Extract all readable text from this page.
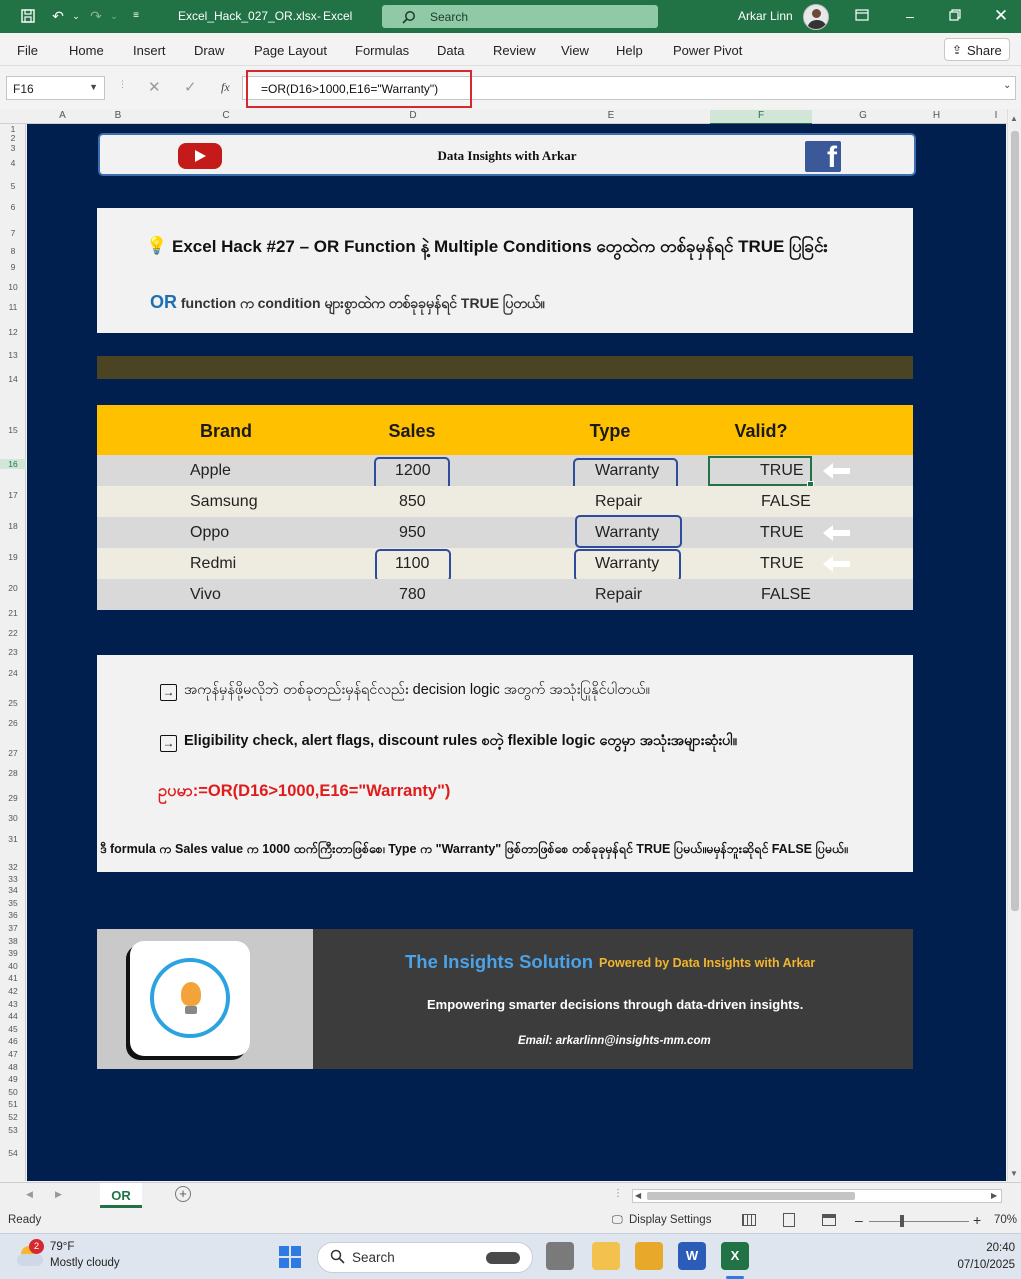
↶ ⌄ ↷ ⌄	≡	Excel_Hack_027_OR.xlsx - Excel	Search	Arkar Linn	–	✕
File Home Insert Draw Page Layout Formulas Data Review View Help Power Pivot	⇪ Share
F16	▼ ⋮ ✕ ✓ fx	=OR(D16>1000,E16="Warranty")	⌄
A	B	C	D	E	F	G	H	I
1
2
3
4
5
6
7
8
9
10
11
12
13
14
15
16
17
18
19
20
21
22
23
24
25
26
27
28
29
30
31
32
33
34
35
36
37
38
39
40
41
42
43
44
45
46
47
48
49
50
51
52
53
54
▲
▼
Data Insights with Arkar	f
💡 Excel Hack #27 – OR Function နဲ့ Multiple Conditions တွေထဲက တစ်ခုမှန်ရင် TRUE ပြခြင်း
OR function က condition များစွာထဲက တစ်ခုခုမှန်ရင် TRUE ပြတယ်။
Brand	Sales	Type	Valid?
Apple	1200	Warranty	TRUE
Samsung	850	Repair	FALSE
Oppo	950	Warranty	TRUE
Redmi	1100	Warranty	TRUE
Vivo	780	Repair	FALSE
→ အကုန်မှန်ဖို့မလိုဘဲ တစ်ခုတည်းမှန်ရင်လည်း decision logic အတွက် အသုံးပြုနိုင်ပါတယ်။
→ Eligibility check, alert flags, discount rules စတဲ့ flexible logic တွေမှာ အသုံးအများဆုံးပါ။
ဥပမာ:=OR(D16>1000,E16="Warranty")
ဒီ formula က Sales value က 1000 ထက်ကြီးတာဖြစ်စေ၊ Type က "Warranty" ဖြစ်တာဖြစ်စေ တစ်ခုခုမှန်ရင် TRUE ပြမယ်။မမှန်ဘူးဆိုရင် FALSE ပြမယ်။
The Insights Solution Powered by Data Insights with Arkar
Empowering smarter decisions through data-driven insights.
Email: arkarlinn@insights-mm.com
◀ ▶	OR	+	⋮ ◀	▶
Ready	🖵 Display Settings	–	+ 70%
2 79°F
Mostly cloudy	Search	W	X	20:40
07/10/2025
